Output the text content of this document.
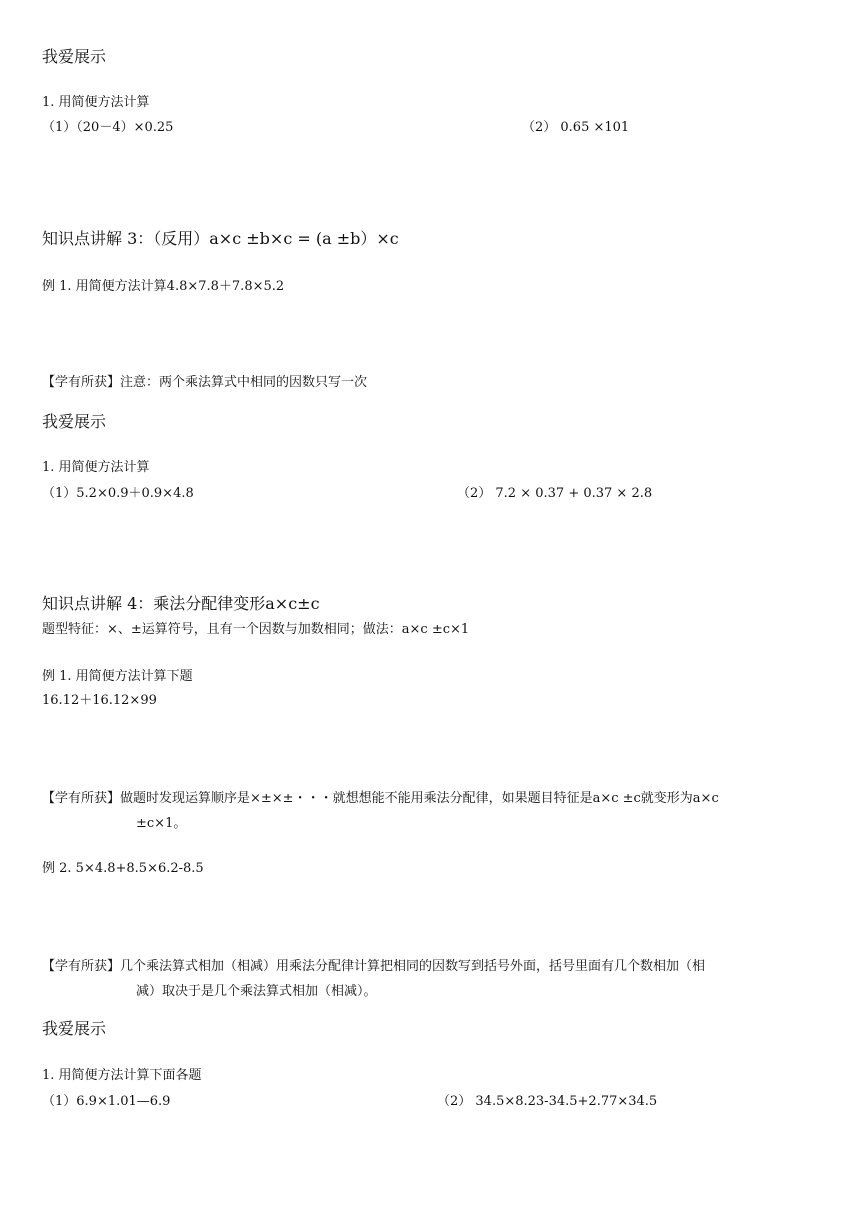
我爱展示
1. 用简便方法计算
（1）（20－4）×0.25	（2） 0.65 ×101
知识点讲解 3：（反用）a×c ±b×c = (a ±b）×c
例 1. 用简便方法计算4.8×7.8＋7.8×5.2
【学有所获】注意：两个乘法算式中相同的因数只写一次
我爱展示
1. 用简便方法计算
（1）5.2×0.9＋0.9×4.8	（2） 7.2 × 0.37 + 0.37 × 2.8
知识点讲解 4：乘法分配律变形a×c±c
题型特征：×、±运算符号，且有一个因数与加数相同；做法：a×c ±c×1
例 1. 用简便方法计算下题
16.12＋16.12×99
【学有所获】做题时发现运算顺序是×±×±・・・就想想能不能用乘法分配律，如果题目特征是a×c ±c就变形为a×c
±c×1。
例 2. 5×4.8+8.5×6.2-8.5
【学有所获】几个乘法算式相加（相减）用乘法分配律计算把相同的因数写到括号外面，括号里面有几个数相加（相
减）取决于是几个乘法算式相加（相减）。
我爱展示
1. 用简便方法计算下面各题
（1）6.9×1.01—6.9	（2） 34.5×8.23-34.5+2.77×34.5
